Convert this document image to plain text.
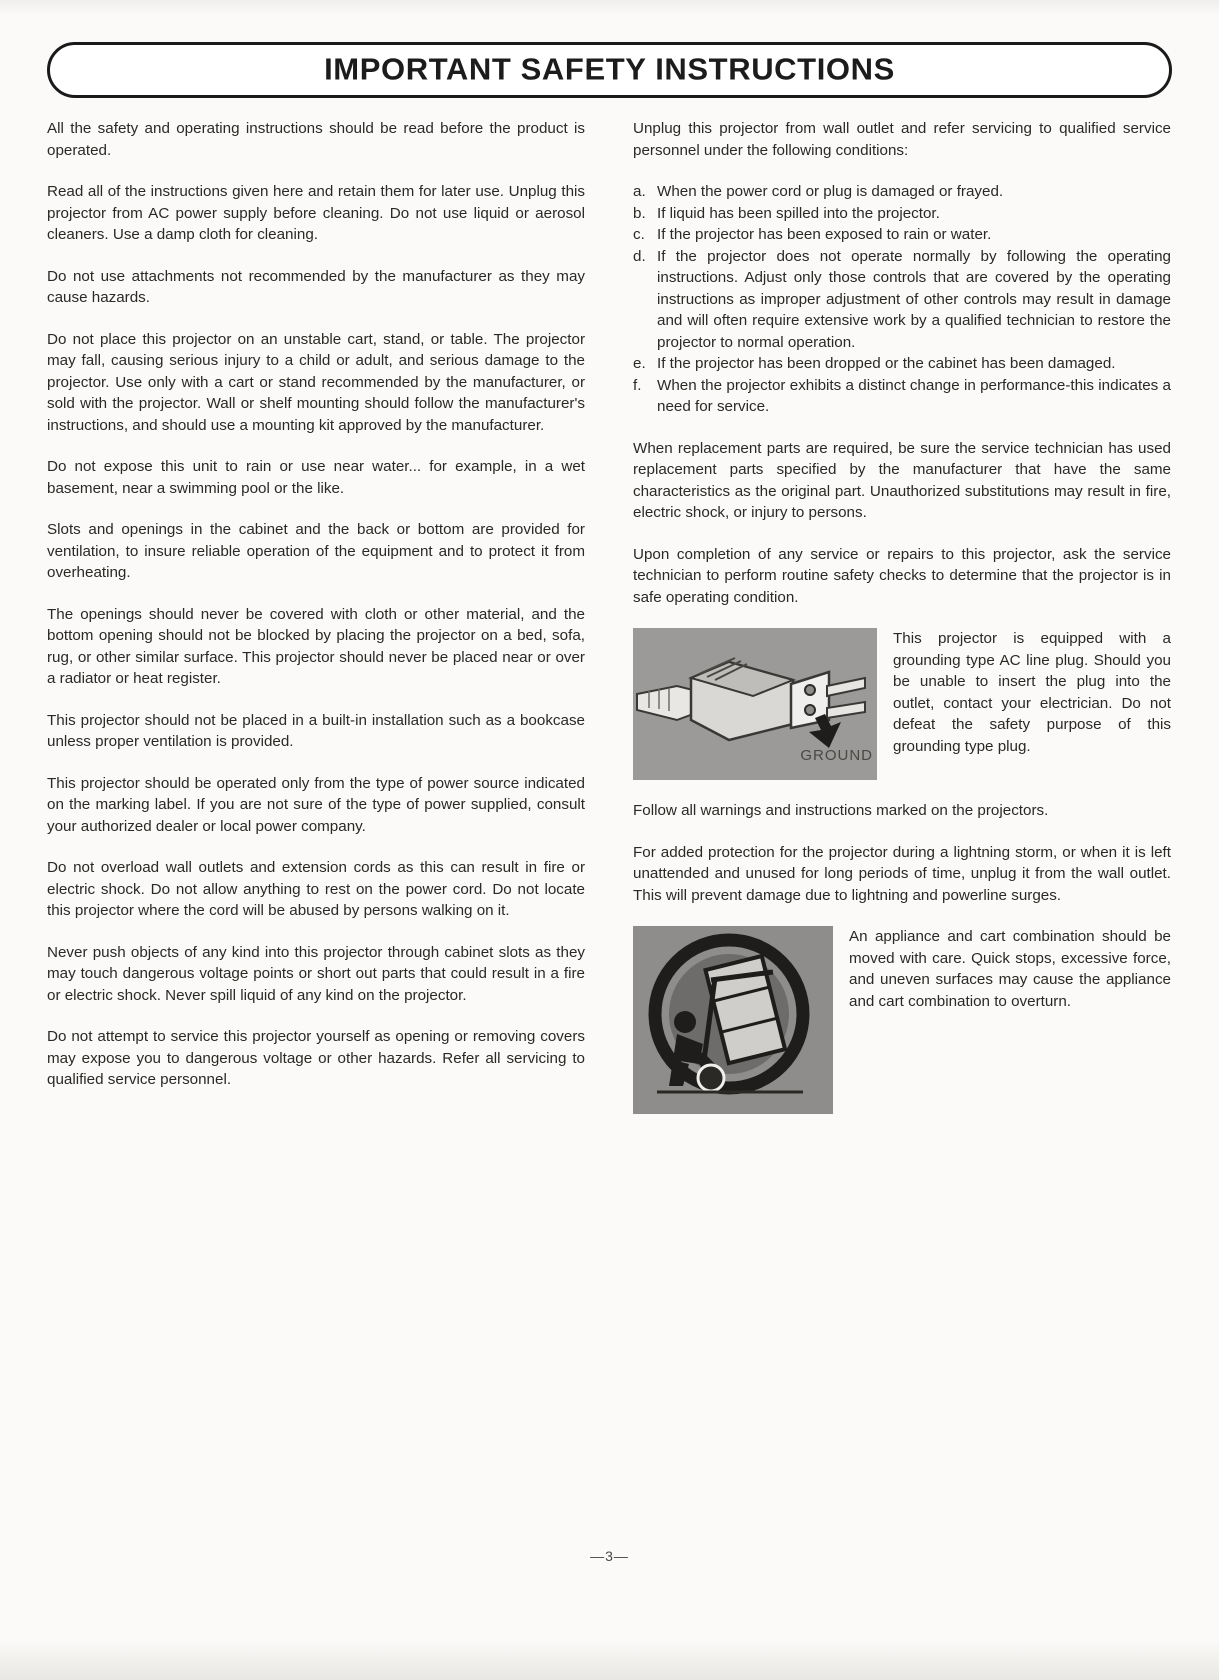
IMPORTANT SAFETY INSTRUCTIONS

All the safety and operating instructions should be read before the product is operated.

Read all of the instructions given here and retain them for later use. Unplug this projector from AC power supply before cleaning. Do not use liquid or aerosol cleaners. Use a damp cloth for cleaning.

Do not use attachments not recommended by the manufacturer as they may cause hazards.

Do not place this projector on an unstable cart, stand, or table. The projector may fall, causing serious injury to a child or adult, and serious damage to the projector. Use only with a cart or stand recommended by the manufacturer, or sold with the projector. Wall or shelf mounting should follow the manufacturer's instructions, and should use a mounting kit approved by the manufacturer.

Do not expose this unit to rain or use near water... for example, in a wet basement, near a swimming pool or the like.

Slots and openings in the cabinet and the back or bottom are provided for ventilation, to insure reliable operation of the equipment and to protect it from overheating.

The openings should never be covered with cloth or other material, and the bottom opening should not be blocked by placing the projector on a bed, sofa, rug, or other similar surface. This projector should never be placed near or over a radiator or heat register.

This projector should not be placed in a built-in installation such as a bookcase unless proper ventilation is provided.

This projector should be operated only from the type of power source indicated on the marking label. If you are not sure of the type of power supplied, consult your authorized dealer or local power company.

Do not overload wall outlets and extension cords as this can result in fire or electric shock. Do not allow anything to rest on the power cord. Do not locate this projector where the cord will be abused by persons walking on it.

Never push objects of any kind into this projector through cabinet slots as they may touch dangerous voltage points or short out parts that could result in a fire or electric shock. Never spill liquid of any kind on the projector.

Do not attempt to service this projector yourself as opening or removing covers may expose you to dangerous voltage or other hazards. Refer all servicing to qualified service personnel.

Unplug this projector from wall outlet and refer servicing to qualified service personnel under the following conditions:

a. When the power cord or plug is damaged or frayed.
b. If liquid has been spilled into the projector.
c. If the projector has been exposed to rain or water.
d. If the projector does not operate normally by following the operating instructions. Adjust only those controls that are covered by the operating instructions as improper adjustment of other controls may result in damage and will often require extensive work by a qualified technician to restore the projector to normal operation.
e. If the projector has been dropped or the cabinet has been damaged.
f. When the projector exhibits a distinct change in performance-this indicates a need for service.

When replacement parts are required, be sure the service technician has used replacement parts specified by the manufacturer that have the same characteristics as the original part. Unauthorized substitutions may result in fire, electric shock, or injury to persons.

Upon completion of any service or repairs to this projector, ask the service technician to perform routine safety checks to determine that the projector is in safe operating condition.

GROUND
This projector is equipped with a grounding type AC line plug. Should you be unable to insert the plug into the outlet, contact your electrician. Do not defeat the safety purpose of this grounding type plug.

Follow all warnings and instructions marked on the projectors.

For added protection for the projector during a lightning storm, or when it is left unattended and unused for long periods of time, unplug it from the wall outlet. This will prevent damage due to lightning and powerline surges.

An appliance and cart combination should be moved with care. Quick stops, excessive force, and uneven surfaces may cause the appliance and cart combination to overturn.
—3—
